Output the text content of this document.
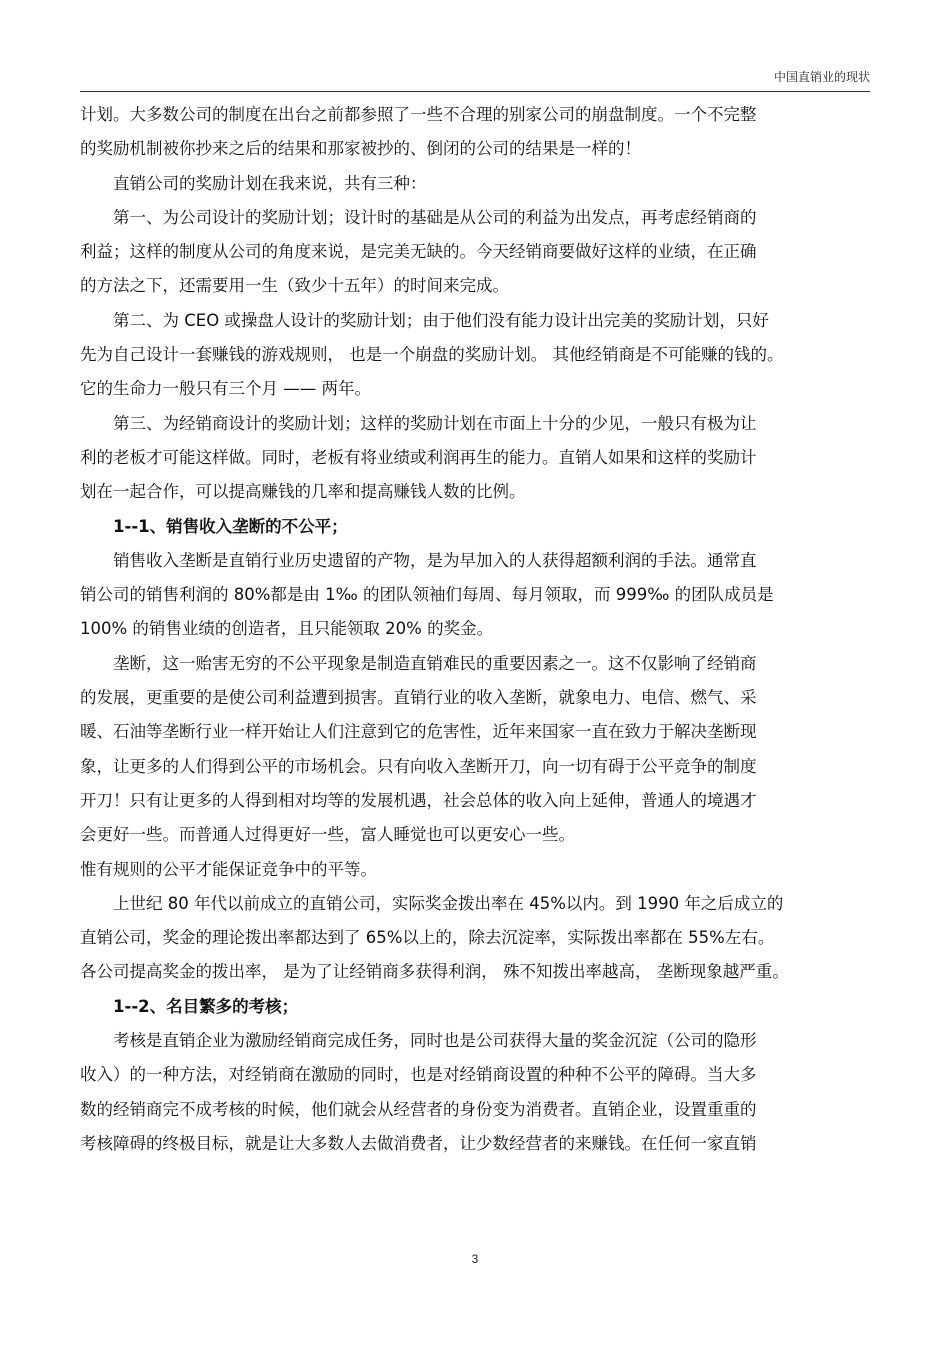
中国直销业的现状
计划。大多数公司的制度在出台之前都参照了一些不合理的别家公司的崩盘制度。一个不完整
的奖励机制被你抄来之后的结果和那家被抄的、倒闭的公司的结果是一样的！
直销公司的奖励计划在我来说，共有三种：
第一、为公司设计的奖励计划；设计时的基础是从公司的利益为出发点，再考虑经销商的
利益；这样的制度从公司的角度来说，是完美无缺的。今天经销商要做好这样的业绩，在正确
的方法之下，还需要用一生（致少十五年）的时间来完成。
第二、为 CEO 或操盘人设计的奖励计划；由于他们没有能力设计出完美的奖励计划，只好
先为自己设计一套赚钱的游戏规则， 也是一个崩盘的奖励计划。 其他经销商是不可能赚的钱的。
它的生命力一般只有三个月 —— 两年。
第三、为经销商设计的奖励计划；这样的奖励计划在市面上十分的少见，一般只有极为让
利的老板才可能这样做。同时，老板有将业绩或利润再生的能力。直销人如果和这样的奖励计
划在一起合作，可以提高赚钱的几率和提高赚钱人数的比例。
1--1、销售收入垄断的不公平；
销售收入垄断是直销行业历史遗留的产物，是为早加入的人获得超额利润的手法。通常直
销公司的销售利润的 80%都是由 1‰ 的团队领袖们每周、每月领取，而 999‰ 的团队成员是
100% 的销售业绩的创造者，且只能领取 20% 的奖金。
垄断，这一贻害无穷的不公平现象是制造直销难民的重要因素之一。这不仅影响了经销商
的发展，更重要的是使公司利益遭到损害。直销行业的收入垄断，就象电力、电信、燃气、采
暖、石油等垄断行业一样开始让人们注意到它的危害性，近年来国家一直在致力于解决垄断现
象，让更多的人们得到公平的市场机会。只有向收入垄断开刀，向一切有碍于公平竞争的制度
开刀！只有让更多的人得到相对均等的发展机遇，社会总体的收入向上延伸，普通人的境遇才
会更好一些。而普通人过得更好一些，富人睡觉也可以更安心一些。
惟有规则的公平才能保证竞争中的平等。
上世纪 80 年代以前成立的直销公司，实际奖金拨出率在 45%以内。到 1990 年之后成立的
直销公司，奖金的理论拨出率都达到了 65%以上的，除去沉淀率，实际拨出率都在 55%左右。
各公司提高奖金的拨出率， 是为了让经销商多获得利润， 殊不知拨出率越高， 垄断现象越严重。
1--2、名目繁多的考核；
考核是直销企业为激励经销商完成任务，同时也是公司获得大量的奖金沉淀（公司的隐形
收入）的一种方法，对经销商在激励的同时，也是对经销商设置的种种不公平的障碍。当大多
数的经销商完不成考核的时候，他们就会从经营者的身份变为消费者。直销企业，设置重重的
考核障碍的终极目标，就是让大多数人去做消费者，让少数经营者的来赚钱。在任何一家直销
3
